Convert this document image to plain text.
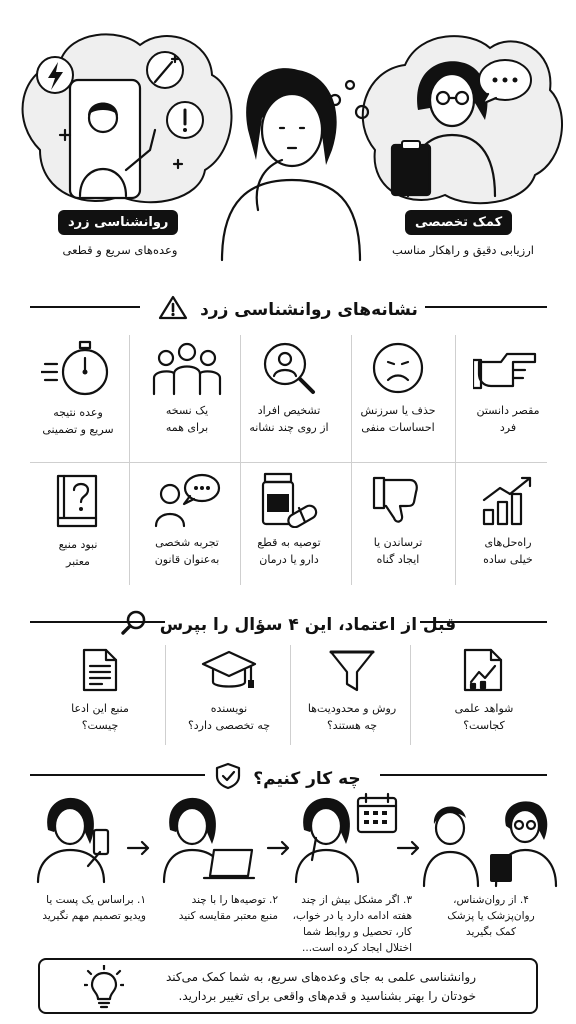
روانشناسی زرد
وعده‌های سریع و قطعی
کمک تخصصی
ارزیابی دقیق و راهکار مناسب
نشانه‌های روانشناسی زرد
مقصر دانستن
فرد
حذف یا سرزنش
احساسات منفی
تشخیص افراد
از روی چند نشانه
یک نسخه
برای همه
وعده نتیجه
سریع و تضمینی
راه‌حل‌های
خیلی ساده
ترساندن یا
ایجاد گناه
توصیه به قطع
دارو یا درمان
تجربه شخصی
به‌عنوان قانون
نبود منبع
معتبر
قبل از اعتماد، این ۴ سؤال را بپرس
شواهد علمی
کجاست؟
روش و محدودیت‌ها
چه هستند؟
نویسنده
چه تخصصی دارد؟
منبع این ادعا
چیست؟
چه کار کنیم؟
۱. براساس یک پست یا
ویدیو تصمیم مهم نگیرید
۲. توصیه‌ها را با چند
منبع معتبر مقایسه کنید
۳. اگر مشکل بیش از چند
هفته ادامه دارد یا در خواب،
کار، تحصیل و روابط شما
اختلال ایجاد کرده است...
۴. از روان‌شناس،
روان‌پزشک یا پزشک
کمک بگیرید
روانشناسی علمی به جای وعده‌های سریع، به شما کمک می‌کند
خودتان را بهتر بشناسید و قدم‌های واقعی برای تغییر بردارید.
